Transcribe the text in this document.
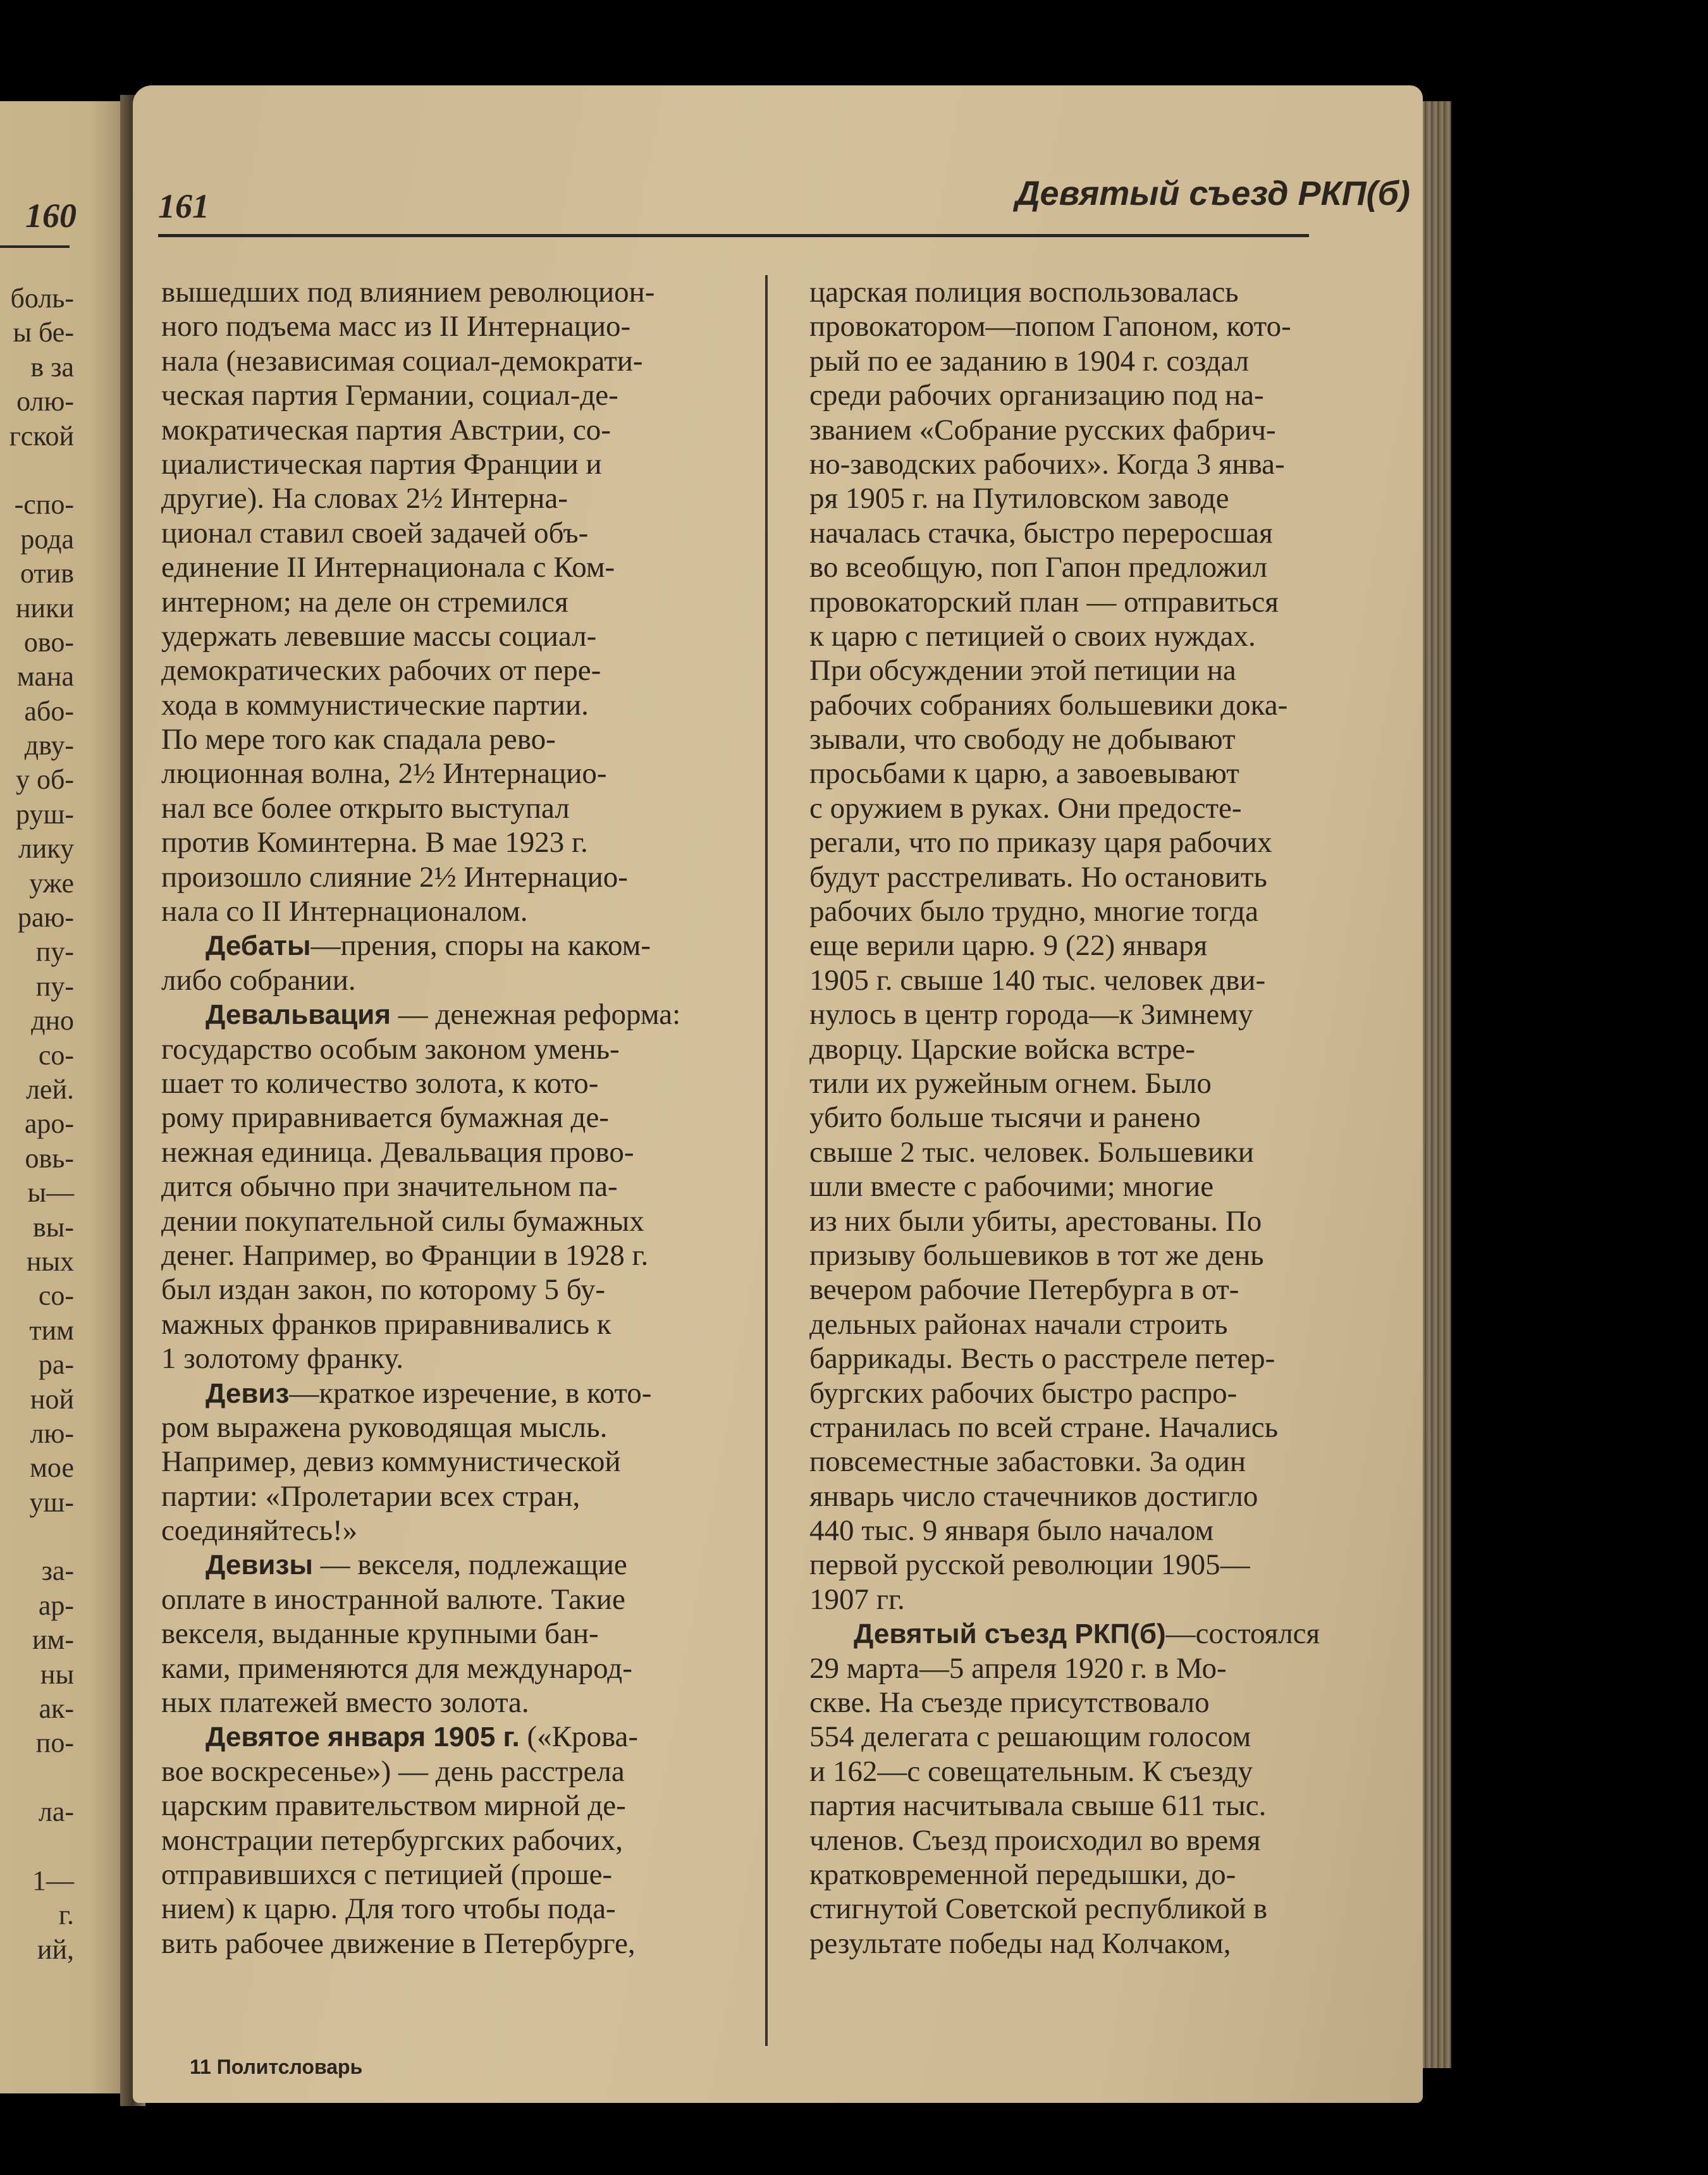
160
боль-
ы бе-
в за
олю-
гской
-спо-
рода
отив
ники
ово-
мана
або-
дву-
у об-
руш-
лику
уже
раю-
пу-
пу-
дно
со-
лей.
аро-
овь-
ы—
вы-
ных
со-
тим
ра-
ной
лю-
мое
уш-
за-
ар-
им-
ны
ак-
по-
ла-
1—
г.
ий,
161	Девятый съезд РКП(б)
вышедших под влиянием революцион-
ного подъема масс из II Интернацио-
нала (независимая социал-демократи-
ческая партия Германии, социал-де-
мократическая партия Австрии, со-
циалистическая партия Франции и
другие). На словах 2½ Интерна-
ционал ставил своей задачей объ-
единение II Интернационала с Ком-
интерном; на деле он стремился
удержать левевшие массы социал-
демократических рабочих от пере-
хода в коммунистические партии.
По мере того как спадала рево-
люционная волна, 2½ Интернацио-
нал все более открыто выступал
против Коминтерна. В мае 1923 г.
произошло слияние 2½ Интернацио-
нала со II Интернационалом.
Дебаты—прения, споры на каком-
либо собрании.
Девальвация — денежная реформа:
государство особым законом умень-
шает то количество золота, к кото-
рому приравнивается бумажная де-
нежная единица. Девальвация прово-
дится обычно при значительном па-
дении покупательной силы бумажных
денег. Например, во Франции в 1928 г.
был издан закон, по которому 5 бу-
мажных франков приравнивались к
1 золотому франку.
Девиз—краткое изречение, в кото-
ром выражена руководящая мысль.
Например, девиз коммунистической
партии: «Пролетарии всех стран,
соединяйтесь!»
Девизы — векселя, подлежащие
оплате в иностранной валюте. Такие
векселя, выданные крупными бан-
ками, применяются для международ-
ных платежей вместо золота.
Девятое января 1905 г. («Крова-
вое воскресенье») — день расстрела
царским правительством мирной де-
монстрации петербургских рабочих,
отправившихся с петицией (проше-
нием) к царю. Для того чтобы пода-
вить рабочее движение в Петербурге,
царская полиция воспользовалась
провокатором—попом Гапоном, кото-
рый по ее заданию в 1904 г. создал
среди рабочих организацию под на-
званием «Собрание русских фабрич-
но-заводских рабочих». Когда 3 янва-
ря 1905 г. на Путиловском заводе
началась стачка, быстро переросшая
во всеобщую, поп Гапон предложил
провокаторский план — отправиться
к царю с петицией о своих нуждах.
При обсуждении этой петиции на
рабочих собраниях большевики дока-
зывали, что свободу не добывают
просьбами к царю, а завоевывают
с оружием в руках. Они предосте-
регали, что по приказу царя рабочих
будут расстреливать. Но остановить
рабочих было трудно, многие тогда
еще верили царю. 9 (22) января
1905 г. свыше 140 тыс. человек дви-
нулось в центр города—к Зимнему
дворцу. Царские войска встре-
тили их ружейным огнем. Было
убито больше тысячи и ранено
свыше 2 тыс. человек. Большевики
шли вместе с рабочими; многие
из них были убиты, арестованы. По
призыву большевиков в тот же день
вечером рабочие Петербурга в от-
дельных районах начали строить
баррикады. Весть о расстреле петер-
бургских рабочих быстро распро-
странилась по всей стране. Начались
повсеместные забастовки. За один
январь число стачечников достигло
440 тыс. 9 января было началом
первой русской революции 1905—
1907 гг.
Девятый съезд РКП(б)—состоялся
29 марта—5 апреля 1920 г. в Мо-
скве. На съезде присутствовало
554 делегата с решающим голосом
и 162—с совещательным. К съезду
партия насчитывала свыше 611 тыс.
членов. Съезд происходил во время
кратковременной передышки, до-
стигнутой Советской республикой в
результате победы над Колчаком,
11 Политсловарь
